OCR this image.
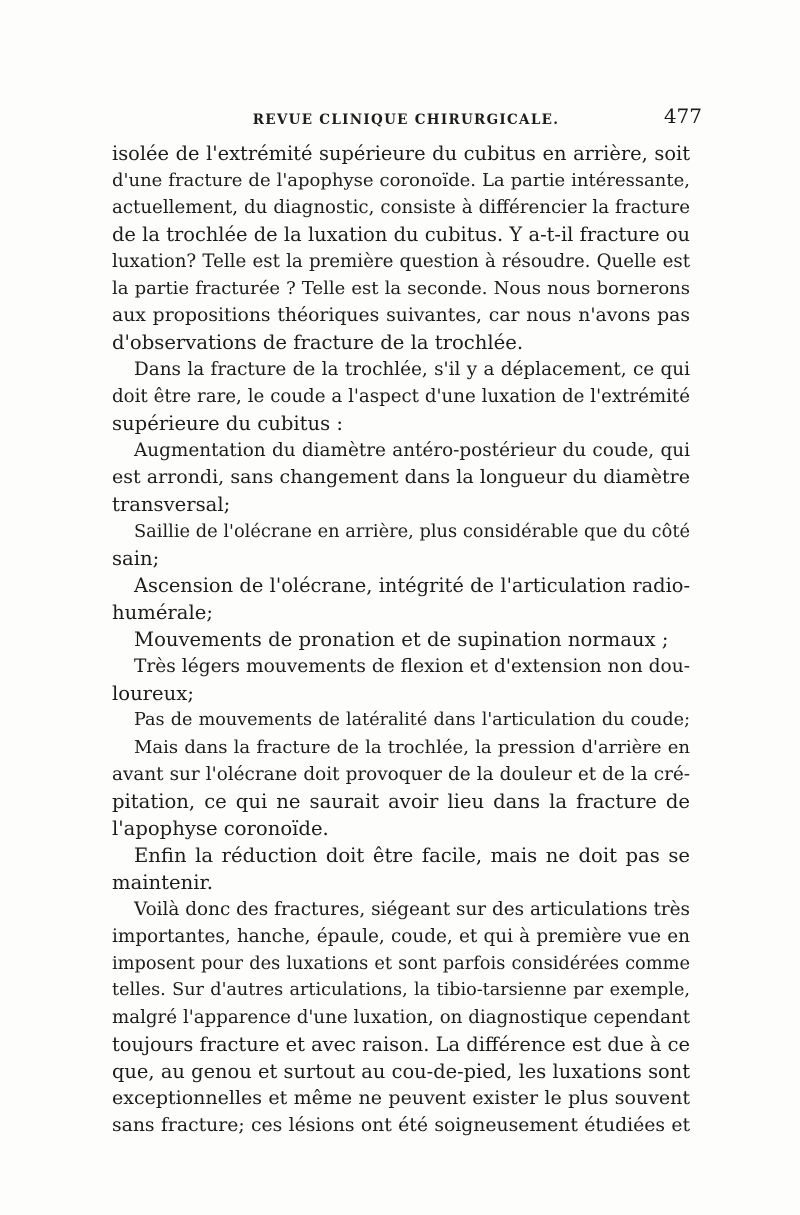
REVUE CLINIQUE CHIRURGICALE.	477
isolée de l'extrémité supérieure du cubitus en arrière, soit
d'une fracture de l'apophyse coronoïde. La partie intéressante,
actuellement, du diagnostic, consiste à différencier la fracture
de la trochlée de la luxation du cubitus. Y a-t-il fracture ou
luxation? Telle est la première question à résoudre. Quelle est
la partie fracturée ? Telle est la seconde. Nous nous bornerons
aux propositions théoriques suivantes, car nous n'avons pas
d'observations de fracture de la trochlée.
Dans la fracture de la trochlée, s'il y a déplacement, ce qui
doit être rare, le coude a l'aspect d'une luxation de l'extrémité
supérieure du cubitus :
Augmentation du diamètre antéro-postérieur du coude, qui
est arrondi, sans changement dans la longueur du diamètre
transversal;
Saillie de l'olécrane en arrière, plus considérable que du côté
sain;
Ascension de l'olécrane, intégrité de l'articulation radio-
humérale;
Mouvements de pronation et de supination normaux ;
Très légers mouvements de flexion et d'extension non dou-
loureux;
Pas de mouvements de latéralité dans l'articulation du coude;
Mais dans la fracture de la trochlée, la pression d'arrière en
avant sur l'olécrane doit provoquer de la douleur et de la cré-
pitation, ce qui ne saurait avoir lieu dans la fracture de
l'apophyse coronoïde.
Enfin la réduction doit être facile, mais ne doit pas se
maintenir.
Voilà donc des fractures, siégeant sur des articulations très
importantes, hanche, épaule, coude, et qui à première vue en
imposent pour des luxations et sont parfois considérées comme
telles. Sur d'autres articulations, la tibio-tarsienne par exemple,
malgré l'apparence d'une luxation, on diagnostique cependant
toujours fracture et avec raison. La différence est due à ce
que, au genou et surtout au cou-de-pied, les luxations sont
exceptionnelles et même ne peuvent exister le plus souvent
sans fracture; ces lésions ont été soigneusement étudiées et
